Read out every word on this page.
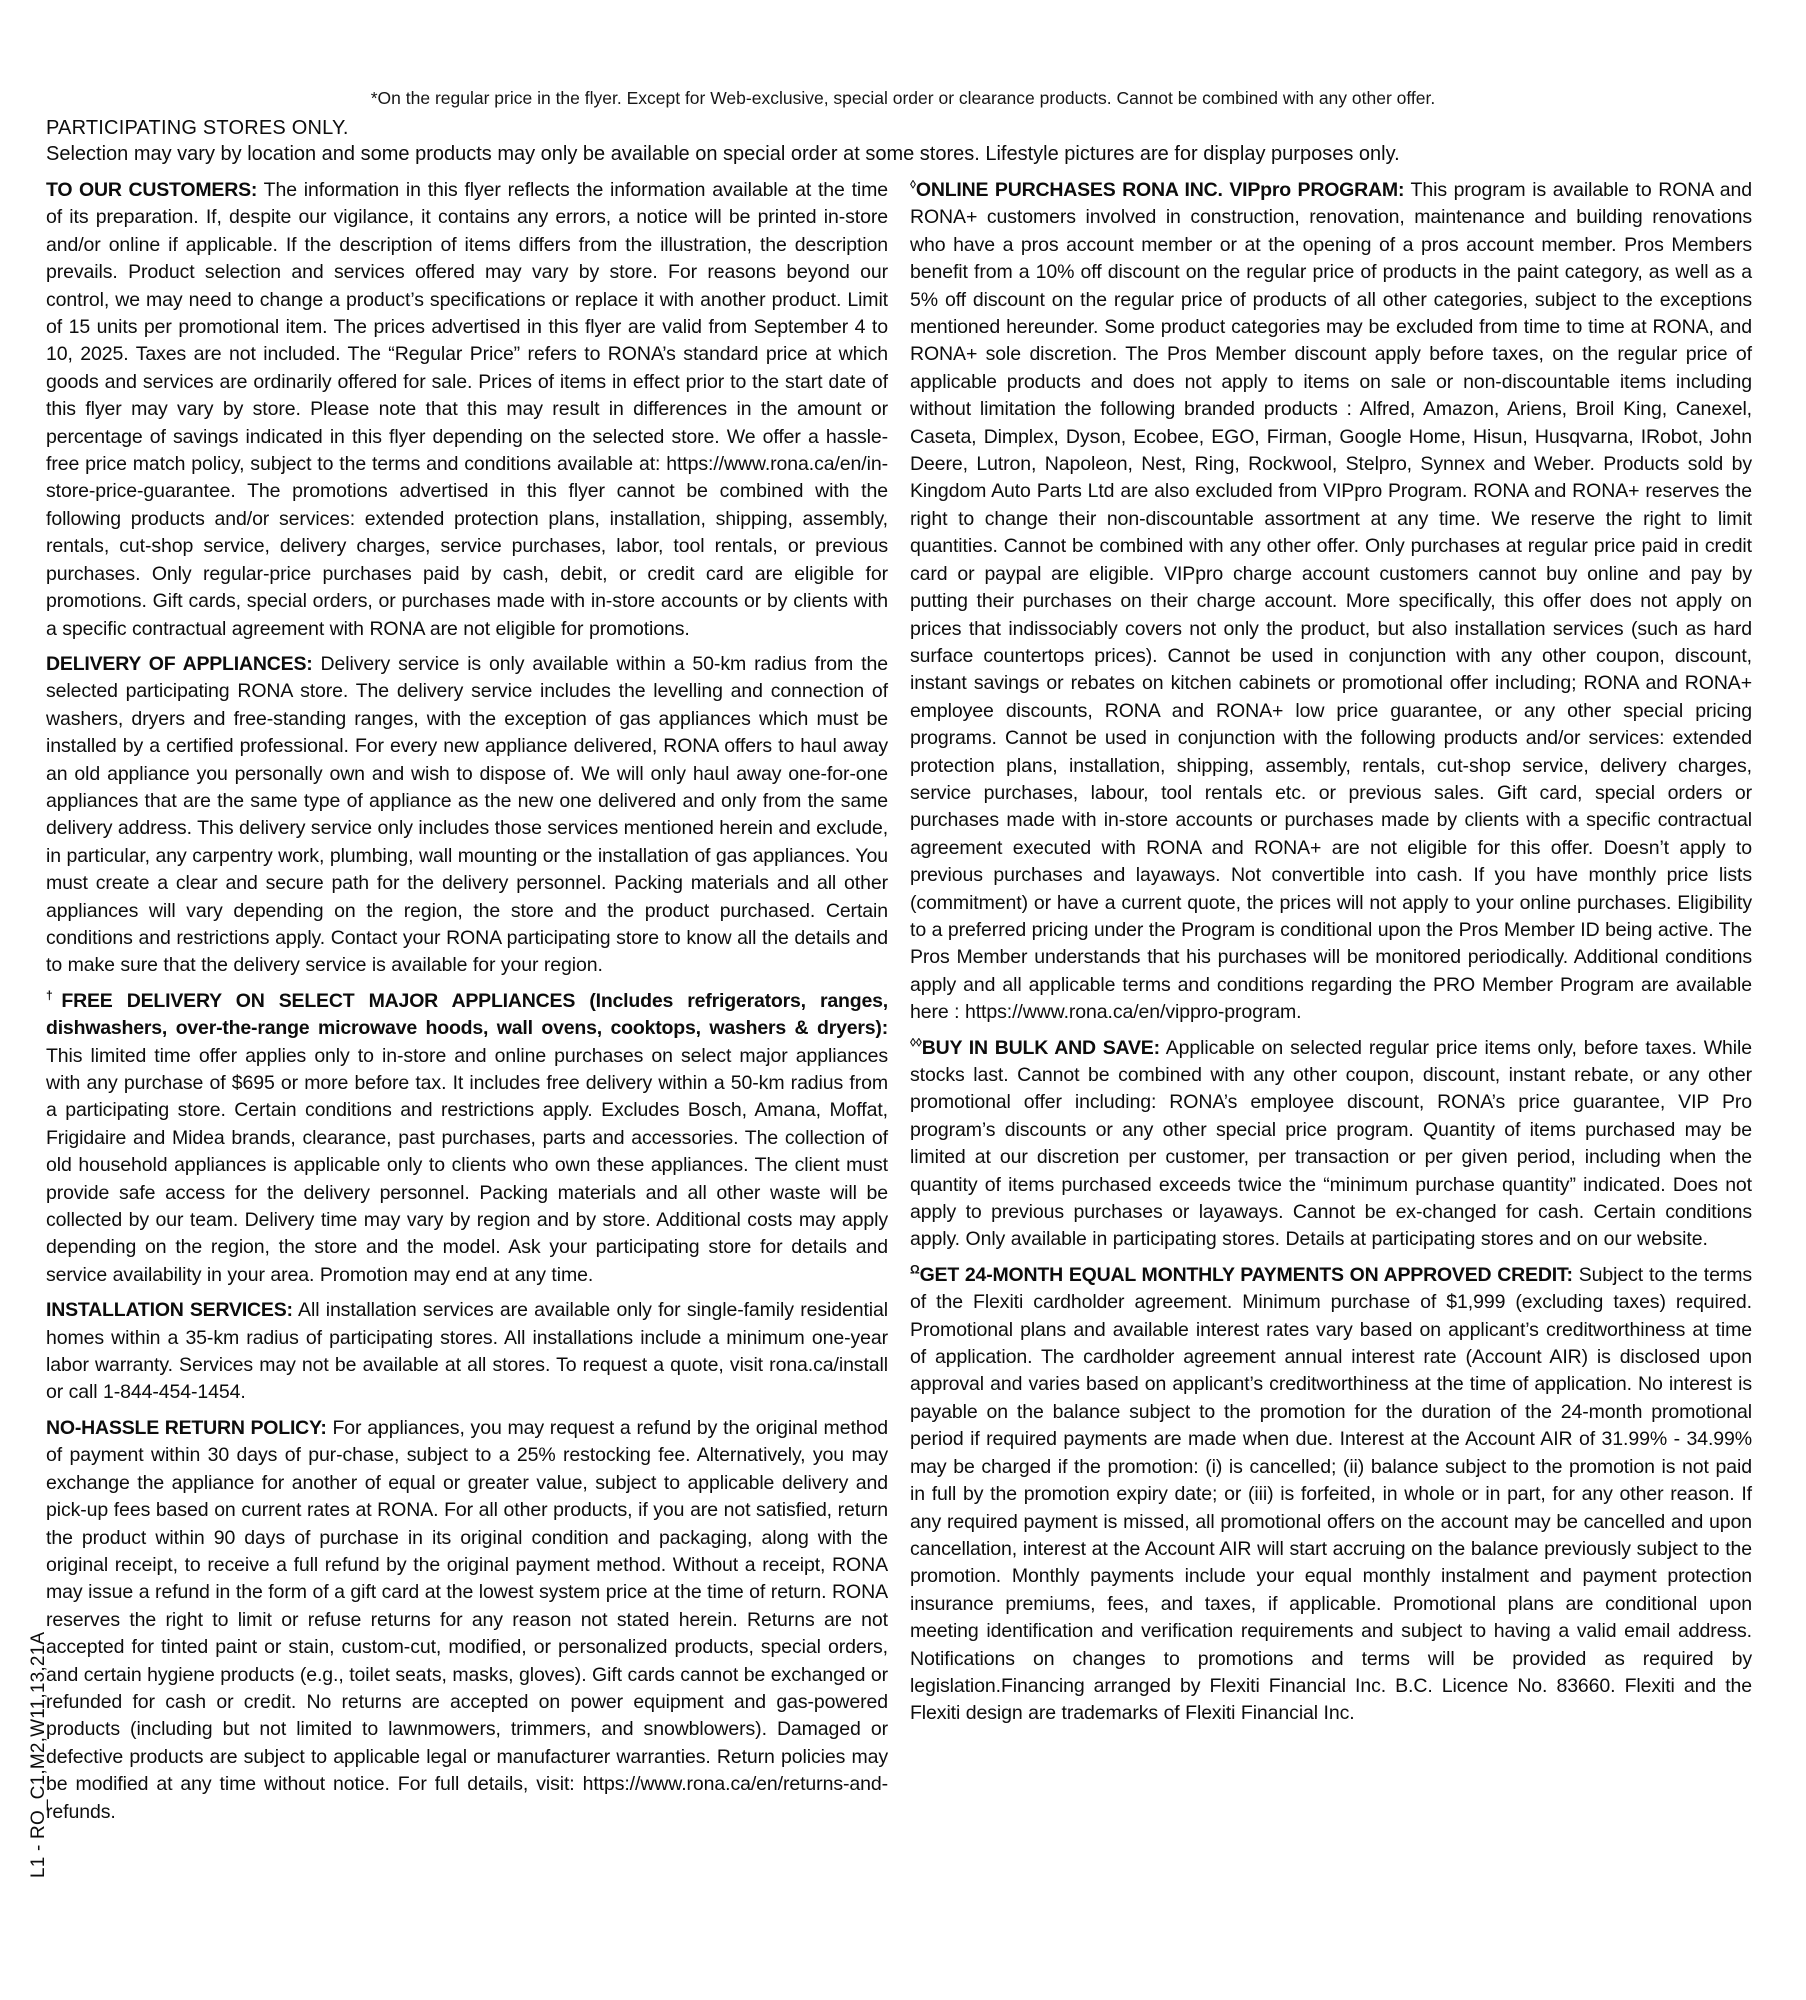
*On the regular price in the flyer. Except for Web-exclusive, special order or clearance products. Cannot be combined with any other offer.
PARTICIPATING STORES ONLY.
Selection may vary by location and some products may only be available on special order at some stores. Lifestyle pictures are for display purposes only.

TO OUR CUSTOMERS: The information in this flyer reflects the information available at the time of its preparation. If, despite our vigilance, it contains any errors, a notice will be printed in-store and/or online if applicable. If the description of items differs from the illustration, the description prevails. Product selection and services offered may vary by store. For reasons beyond our control, we may need to change a product’s specifications or replace it with another product. Limit of 15 units per promotional item. The prices advertised in this flyer are valid from September 4 to 10, 2025. Taxes are not included. The “Regular Price” refers to RONA’s standard price at which goods and services are ordinarily offered for sale. Prices of items in effect prior to the start date of this flyer may vary by store. Please note that this may result in differences in the amount or percentage of savings indicated in this flyer depending on the selected store. We offer a hassle-free price match policy, subject to the terms and conditions available at: https://www.rona.ca/en/in-store-price-guarantee. The promotions advertised in this flyer cannot be combined with the following products and/or services: extended protection plans, installation, shipping, assembly, rentals, cut-shop service, delivery charges, service purchases, labor, tool rentals, or previous purchases. Only regular-price purchases paid by cash, debit, or credit card are eligible for promotions. Gift cards, special orders, or purchases made with in-store accounts or by clients with a specific contractual agreement with RONA are not eligible for promotions.

DELIVERY OF APPLIANCES: Delivery service is only available within a 50-km radius from the selected participating RONA store. The delivery service includes the levelling and connection of washers, dryers and free-standing ranges, with the exception of gas appliances which must be installed by a certified professional. For every new appliance delivered, RONA offers to haul away an old appliance you personally own and wish to dispose of. We will only haul away one-for-one appliances that are the same type of appliance as the new one delivered and only from the same delivery address. This delivery service only includes those services mentioned herein and exclude, in particular, any carpentry work, plumbing, wall mounting or the installation of gas appliances. You must create a clear and secure path for the delivery personnel. Packing materials and all other appliances will vary depending on the region, the store and the product purchased. Certain conditions and restrictions apply. Contact your RONA participating store to know all the details and to make sure that the delivery service is available for your region.

†FREE DELIVERY ON SELECT MAJOR APPLIANCES (Includes refrigerators, ranges, dishwashers, over-the-range microwave hoods, wall ovens, cooktops, washers & dryers): This limited time offer applies only to in-store and online purchases on select major appliances with any purchase of $695 or more before tax. It includes free delivery within a 50-km radius from a participating store. Certain conditions and restrictions apply. Excludes Bosch, Amana, Moffat, Frigidaire and Midea brands, clearance, past purchases, parts and accessories. The collection of old household appliances is applicable only to clients who own these appliances. The client must provide safe access for the delivery personnel. Packing materials and all other waste will be collected by our team. Delivery time may vary by region and by store. Additional costs may apply depending on the region, the store and the model. Ask your participating store for details and service availability in your area. Promotion may end at any time.

INSTALLATION SERVICES: All installation services are available only for single-family residential homes within a 35-km radius of participating stores. All installations include a minimum one-year labor warranty. Services may not be available at all stores. To request a quote, visit rona.ca/install or call 1-844-454-1454.

NO-HASSLE RETURN POLICY: For appliances, you may request a refund by the original method of payment within 30 days of pur-chase, subject to a 25% restocking fee. Alternatively, you may exchange the appliance for another of equal or greater value, subject to applicable delivery and pick-up fees based on current rates at RONA. For all other products, if you are not satisfied, return the product within 90 days of purchase in its original condition and packaging, along with the original receipt, to receive a full refund by the original payment method. Without a receipt, RONA may issue a refund in the form of a gift card at the lowest system price at the time of return. RONA reserves the right to limit or refuse returns for any reason not stated herein. Returns are not accepted for tinted paint or stain, custom-cut, modified, or personalized products, special orders, and certain hygiene products (e.g., toilet seats, masks, gloves). Gift cards cannot be exchanged or refunded for cash or credit. No returns are accepted on power equipment and gas-powered products (including but not limited to lawnmowers, trimmers, and snowblowers). Damaged or defective products are subject to applicable legal or manufacturer warranties. Return policies may be modified at any time without notice. For full details, visit: https://www.rona.ca/en/returns-and-refunds.

◊ONLINE PURCHASES RONA INC. VIPpro PROGRAM: This program is available to RONA and RONA+ customers involved in construction, renovation, maintenance and building renovations who have a pros account member or at the opening of a pros account member. Pros Members benefit from a 10% off discount on the regular price of products in the paint category, as well as a 5% off discount on the regular price of products of all other categories, subject to the exceptions mentioned hereunder. Some product categories may be excluded from time to time at RONA, and RONA+ sole discretion. The Pros Member discount apply before taxes, on the regular price of applicable products and does not apply to items on sale or non-discountable items including without limitation the following branded products : Alfred, Amazon, Ariens, Broil King, Canexel, Caseta, Dimplex, Dyson, Ecobee, EGO, Firman, Google Home, Hisun, Husqvarna, IRobot, John Deere, Lutron, Napoleon, Nest, Ring, Rockwool, Stelpro, Synnex and Weber. Products sold by Kingdom Auto Parts Ltd are also excluded from VIPpro Program. RONA and RONA+ reserves the right to change their non-discountable assortment at any time. We reserve the right to limit quantities. Cannot be combined with any other offer. Only purchases at regular price paid in credit card or paypal are eligible. VIPpro charge account customers cannot buy online and pay by putting their purchases on their charge account. More specifically, this offer does not apply on prices that indissociably covers not only the product, but also installation services (such as hard surface countertops prices). Cannot be used in conjunction with any other coupon, discount, instant savings or rebates on kitchen cabinets or promotional offer including; RONA and RONA+ employee discounts, RONA and RONA+ low price guarantee, or any other special pricing programs. Cannot be used in conjunction with the following products and/or services: extended protection plans, installation, shipping, assembly, rentals, cut-shop service, delivery charges, service purchases, labour, tool rentals etc. or previous sales. Gift card, special orders or purchases made with in-store accounts or purchases made by clients with a specific contractual agreement executed with RONA and RONA+ are not eligible for this offer. Doesn’t apply to previous purchases and layaways. Not convertible into cash. If you have monthly price lists (commitment) or have a current quote, the prices will not apply to your online purchases. Eligibility to a preferred pricing under the Program is conditional upon the Pros Member ID being active. The Pros Member understands that his purchases will be monitored periodically. Additional conditions apply and all applicable terms and conditions regarding the PRO Member Program are available here : https://www.rona.ca/en/vippro-program.

◊◊BUY IN BULK AND SAVE: Applicable on selected regular price items only, before taxes. While stocks last. Cannot be combined with any other coupon, discount, instant rebate, or any other promotional offer including: RONA’s employee discount, RONA’s price guarantee, VIP Pro program’s discounts or any other special price program. Quantity of items purchased may be limited at our discretion per customer, per transaction or per given period, including when the quantity of items purchased exceeds twice the “minimum purchase quantity” indicated. Does not apply to previous purchases or layaways. Cannot be ex-changed for cash. Certain conditions apply. Only available in participating stores. Details at participating stores and on our website.

$^\Omega$GET 24-MONTH EQUAL MONTHLY PAYMENTS ON APPROVED CREDIT: Subject to the terms of the Flexiti cardholder agreement. Minimum purchase of $1,999 (excluding taxes) required. Promotional plans and available interest rates vary based on applicant’s creditworthiness at time of application. The cardholder agreement annual interest rate (Account AIR) is disclosed upon approval and varies based on applicant’s creditworthiness at the time of application. No interest is payable on the balance subject to the promotion for the duration of the 24-month promotional period if required payments are made when due. Interest at the Account AIR of 31.99% - 34.99% may be charged if the promotion: (i) is cancelled; (ii) balance subject to the promotion is not paid in full by the promotion expiry date; or (iii) is forfeited, in whole or in part, for any other reason. If any required payment is missed, all promotional offers on the account may be cancelled and upon cancellation, interest at the Account AIR will start accruing on the balance previously subject to the promotion. Monthly payments include your equal monthly instalment and payment protection insurance premiums, fees, and taxes, if applicable. Promotional plans are conditional upon meeting identification and verification requirements and subject to having a valid email address. Notifications on changes to promotions and terms will be provided as required by legislation.Financing arranged by Flexiti Financial Inc. B.C. Licence No. 83660. Flexiti and the Flexiti design are trademarks of Flexiti Financial Inc.

L1 - RO_C1,M2,W11,13,21A
